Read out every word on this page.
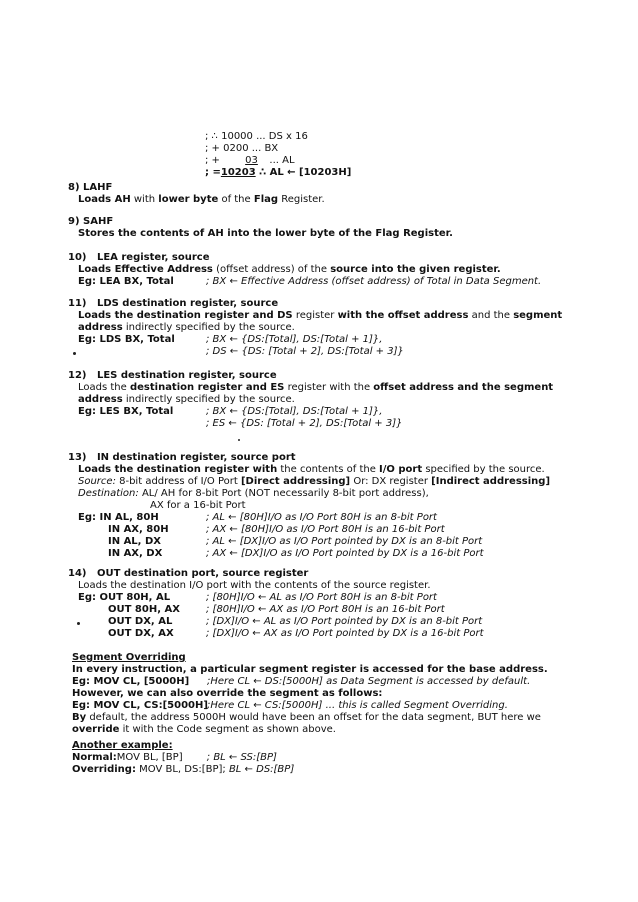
; ∴ 10000 ... DS x 16
; + 0200 ... BX
; +	03 ... AL
; =10203 ∴ AL ← [10203H]
8) LAHF
Loads AH with lower byte of the Flag Register.
9) SAHF
Stores the contents of AH into the lower byte of the Flag Register.
10) LEA register, source
Loads Effective Address (offset address) of the source into the given register.
Eg: LEA BX, Total	; BX ← Effective Address (offset address) of Total in Data Segment.
11) LDS destination register, source
Loads the destination register and DS register with the offset address and the segment
address indirectly specified by the source.
Eg: LDS BX, Total	; BX ← {DS:[Total], DS:[Total + 1]},
; DS ← {DS: [Total + 2], DS:[Total + 3]}
12) LES destination register, source
Loads the destination register and ES register with the offset address and the segment
address indirectly specified by the source.
Eg: LES BX, Total	; BX ← {DS:[Total], DS:[Total + 1]},
; ES ← {DS: [Total + 2], DS:[Total + 3]}
13) IN destination register, source port
Loads the destination register with the contents of the I/O port specified by the source.
Source: 8-bit address of I/O Port [Direct addressing] Or: DX register [Indirect addressing]
Destination: AL/ AH for 8-bit Port (NOT necessarily 8-bit port address),
AX for a 16-bit Port
Eg: IN AL, 80H	; AL ← [80H]I/O as I/O Port 80H is an 8-bit Port
IN AX, 80H	; AX ← [80H]I/O as I/O Port 80H is an 16-bit Port
IN AL, DX	; AL ← [DX]I/O as I/O Port pointed by DX is an 8-bit Port
IN AX, DX	; AX ← [DX]I/O as I/O Port pointed by DX is a 16-bit Port
14) OUT destination port, source register
Loads the destination I/O port with the contents of the source register.
Eg: OUT 80H, AL	; [80H]I/O ← AL as I/O Port 80H is an 8-bit Port
OUT 80H, AX	; [80H]I/O ← AX as I/O Port 80H is an 16-bit Port
OUT DX, AL	; [DX]I/O ← AL as I/O Port pointed by DX is an 8-bit Port
OUT DX, AX	; [DX]I/O ← AX as I/O Port pointed by DX is a 16-bit Port
Segment Overriding
In every instruction, a particular segment register is accessed for the base address.
Eg: MOV CL, [5000H] ;Here CL ← DS:[5000H] as Data Segment is accessed by default.
However, we can also override the segment as follows:
Eg: MOV CL, CS:[5000H];Here CL ← CS:[5000H] ... this is called Segment Overriding.
By default, the address 5000H would have been an offset for the data segment, BUT here we
override it with the Code segment as shown above.
Another example:
Normal:MOV BL, [BP] ; BL ← SS:[BP]
Overriding: MOV BL, DS:[BP]; BL ← DS:[BP]
